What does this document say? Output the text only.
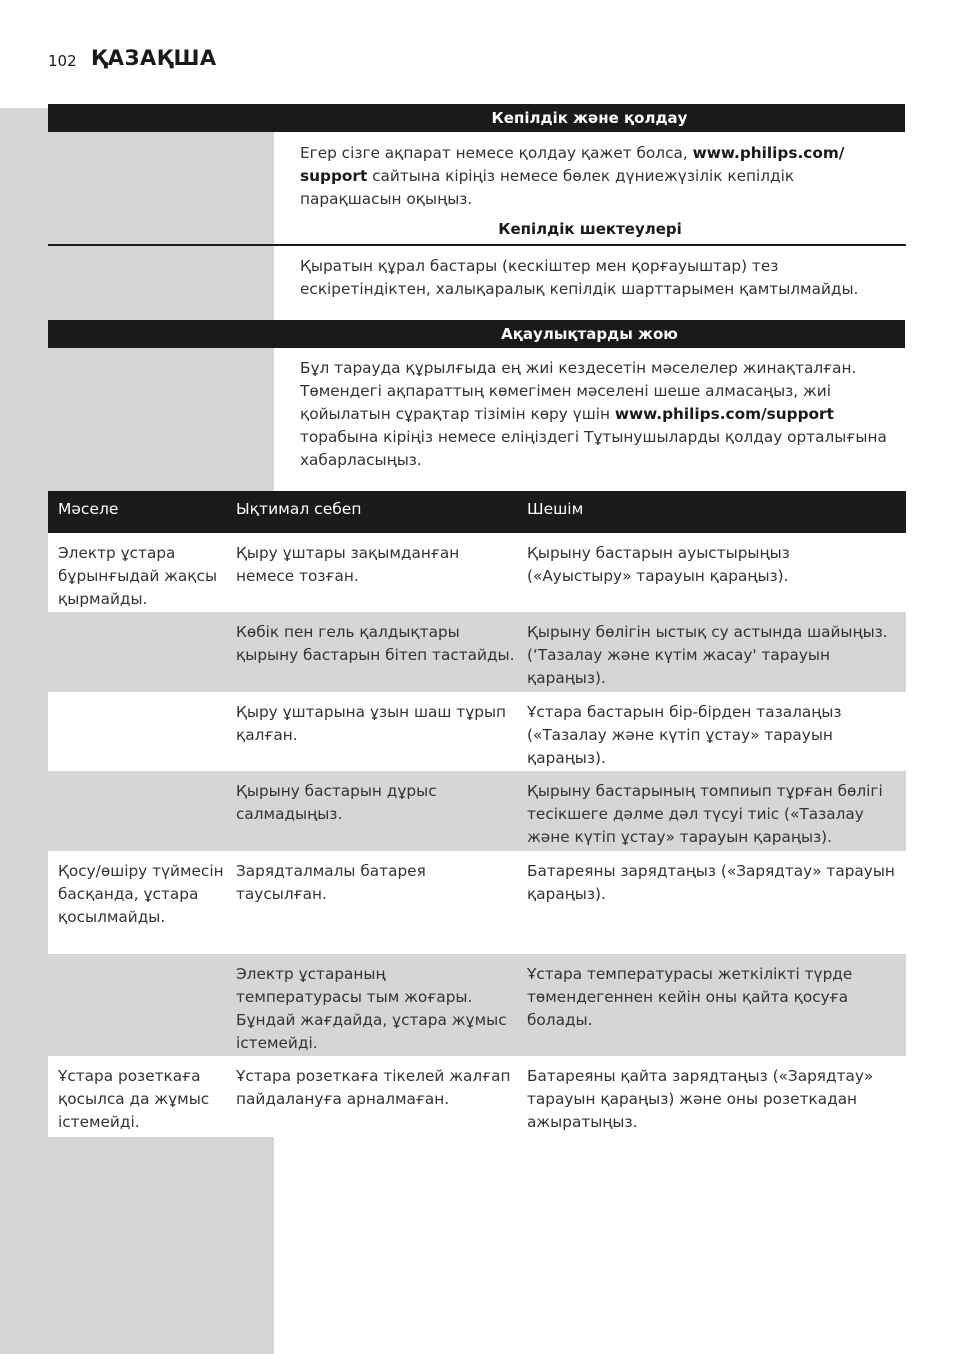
102 ҚАЗАҚША
Кепілдік және қолдау
Егер сізге ақпарат немесе қолдау қажет болса, www.philips.com/ support сайтына кіріңіз немесе бөлек дүниежүзілік кепілдік парақшасын оқыңыз.
Кепілдік шектеулері
Қыратын құрал бастары (кескіштер мен қорғауыштар) тез ескіретіндіктен, халықаралық кепілдік шарттарымен қамтылмайды.
Ақаулықтарды жою
Бұл тарауда құрылғыда ең жиі кездесетін мәселелер жинақталған. Төмендегі ақпараттың көмегімен мәселені шеше алмасаңыз, жиі қойылатын сұрақтар тізімін көру үшін www.philips.com/support торабына кіріңіз немесе еліңіздегі Тұтынушыларды қолдау орталығына хабарласыңыз.
Мәселе	Ықтимал себеп	Шешім
Электр ұстара бұрынғыдай жақсы қырмайды.
Қыру ұштары зақымданған немесе тозған.
Қырыну бастарын ауыстырыңыз («Ауыстыру» тарауын қараңыз).
Көбік пен гель қалдықтары қырыну бастарын бітеп тастайды.
Қырыну бөлігін ыстық су астында шайыңыз. (‘Тазалау және күтім жасау' тарауын қараңыз).
Қыру ұштарына ұзын шаш тұрып қалған.
Ұстара бастарын бір-бірден тазалаңыз («Тазалау және күтіп ұстау» тарауын қараңыз).
Қырыну бастарын дұрыс салмадыңыз.
Қырыну бастарының томпиып тұрған бөлігі тесікшеге дәлме дәл түсуі тиіс («Тазалау және күтіп ұстау» тарауын қараңыз).
Қосу/өшіру түймесін басқанда, ұстара қосылмайды.
Зарядталмалы батарея таусылған.
Батареяны зарядтаңыз («Зарядтау» тарауын қараңыз).
Электр ұстараның температурасы тым жоғары. Бұндай жағдайда, ұстара жұмыс істемейді.
Ұстара температурасы жеткілікті түрде төмендегеннен кейін оны қайта қосуға болады.
Ұстара розеткаға қосылса да жұмыс істемейді.
Ұстара розеткаға тікелей жалғап пайдалануға арналмаған.
Батареяны қайта зарядтаңыз («Зарядтау» тарауын қараңыз) және оны розеткадан ажыратыңыз.
